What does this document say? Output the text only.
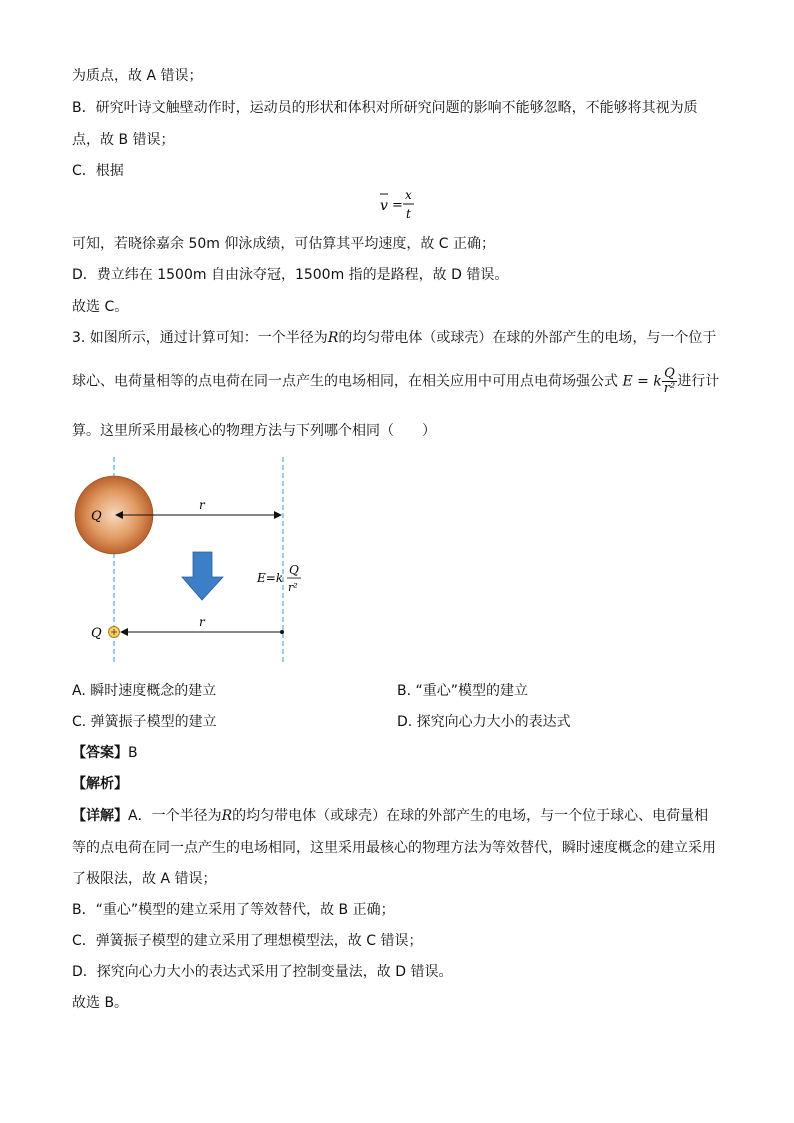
为质点，故 A 错误；
B．研究叶诗文触壁动作时，运动员的形状和体积对所研究问题的影响不能够忽略，不能够将其视为质
点，故 B 错误；
C．根据
v =
x
t
可知，若晓徐嘉余 50m 仰泳成绩，可估算其平均速度，故 C 正确；
D．费立纬在 1500m 自由泳夺冠，1500m 指的是路程，故 D 错误。
故选 C。
3. 如图所示，通过计算可知：一个半径为R的均匀带电体（或球壳）在球的外部产生的电场，与一个位于
球心、电荷量相等的点电荷在同一点产生的电场相同，在相关应用中可用点电荷场强公式 E = k $\frac{Q}{\text{r²}}$ 进行计
算。这里所采用最核心的物理方法与下列哪个相同（　　）
Q
r
E=k
Q
r²
Q
r
A. 瞬时速度概念的建立	B. “重心”模型的建立
C. 弹簧振子模型的建立	D. 探究向心力大小的表达式
【答案】B
【解析】
【详解】A．一个半径为R的均匀带电体（或球壳）在球的外部产生的电场，与一个位于球心、电荷量相
等的点电荷在同一点产生的电场相同，这里采用最核心的物理方法为等效替代，瞬时速度概念的建立采用
了极限法，故 A 错误；
B．“重心”模型的建立采用了等效替代，故 B 正确；
C．弹簧振子模型的建立采用了理想模型法，故 C 错误；
D．探究向心力大小的表达式采用了控制变量法，故 D 错误。
故选 B。
